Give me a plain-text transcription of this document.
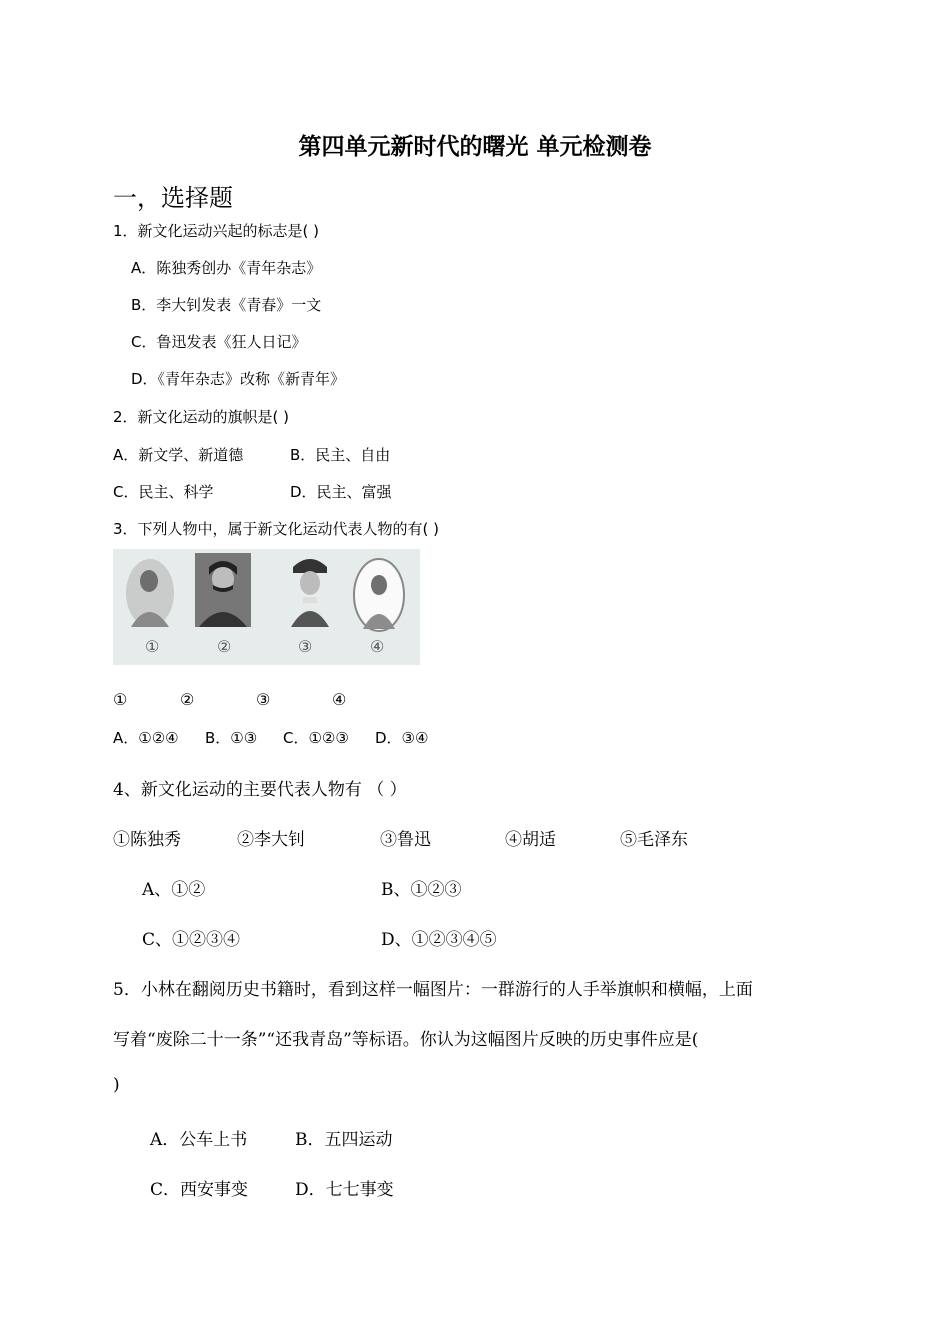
第四单元新时代的曙光 单元检测卷
一，选择题
1．新文化运动兴起的标志是( )
A．陈独秀创办《青年杂志》
B．李大钊发表《青春》一文
C．鲁迅发表《狂人日记》
D．《青年杂志》改称《新青年》
2．新文化运动的旗帜是( )
A．新文学、新道德	B．民主、自由
C．民主、科学	D．民主、富强
3．下列人物中，属于新文化运动代表人物的有( )
①	②	③	④
①	②	③	④
A．①②④ B．①③ C．①②③ D．③④
4、新文化运动的主要代表人物有 （ ）
①陈独秀	②李大钊	③鲁迅	④胡适	⑤毛泽东
A、①②	B、①②③
C、①②③④	D、①②③④⑤
5．小林在翻阅历史书籍时，看到这样一幅图片：一群游行的人手举旗帜和横幅，上面
写着“废除二十一条”“还我青岛”等标语。你认为这幅图片反映的历史事件应是(
)
A．公车上书	B．五四运动
C．西安事变	D．七七事变
